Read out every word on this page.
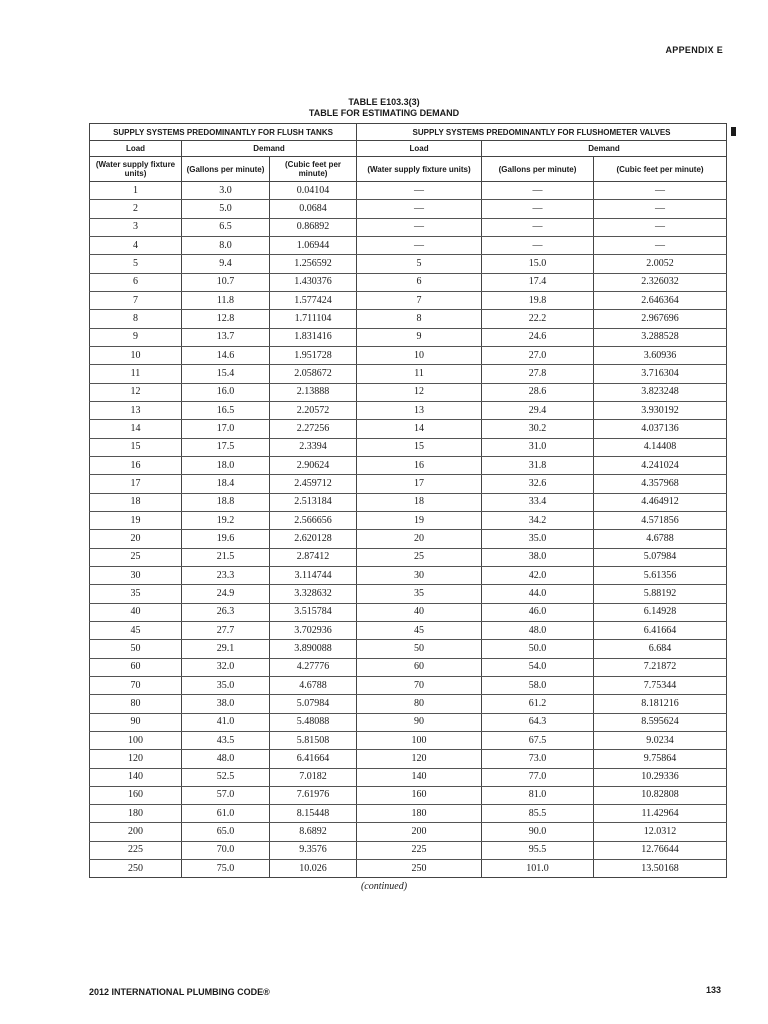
APPENDIX E
TABLE E103.3(3)
TABLE FOR ESTIMATING DEMAND
SUPPLY SYSTEMS PREDOMINANTLY FOR FLUSH TANKS			SUPPLY SYSTEMS PREDOMINANTLY FOR FLUSHOMETER VALVES		
Load	Demand		Load	Demand	
(Water supply fixture units)	(Gallons per minute)	(Cubic feet per minute)	(Water supply fixture units)	(Gallons per minute)	(Cubic feet per minute)
1	3.0	0.04104	—	—	—
2	5.0	0.0684	—	—	—
3	6.5	0.86892	—	—	—
4	8.0	1.06944	—	—	—
5	9.4	1.256592	5	15.0	2.0052
6	10.7	1.430376	6	17.4	2.326032
7	11.8	1.577424	7	19.8	2.646364
8	12.8	1.711104	8	22.2	2.967696
9	13.7	1.831416	9	24.6	3.288528
10	14.6	1.951728	10	27.0	3.60936
11	15.4	2.058672	11	27.8	3.716304
12	16.0	2.13888	12	28.6	3.823248
13	16.5	2.20572	13	29.4	3.930192
14	17.0	2.27256	14	30.2	4.037136
15	17.5	2.3394	15	31.0	4.14408
16	18.0	2.90624	16	31.8	4.241024
17	18.4	2.459712	17	32.6	4.357968
18	18.8	2.513184	18	33.4	4.464912
19	19.2	2.566656	19	34.2	4.571856
20	19.6	2.620128	20	35.0	4.6788
25	21.5	2.87412	25	38.0	5.07984
30	23.3	3.114744	30	42.0	5.61356
35	24.9	3.328632	35	44.0	5.88192
40	26.3	3.515784	40	46.0	6.14928
45	27.7	3.702936	45	48.0	6.41664
50	29.1	3.890088	50	50.0	6.684
60	32.0	4.27776	60	54.0	7.21872
70	35.0	4.6788	70	58.0	7.75344
80	38.0	5.07984	80	61.2	8.181216
90	41.0	5.48088	90	64.3	8.595624
100	43.5	5.81508	100	67.5	9.0234
120	48.0	6.41664	120	73.0	9.75864
140	52.5	7.0182	140	77.0	10.29336
160	57.0	7.61976	160	81.0	10.82808
180	61.0	8.15448	180	85.5	11.42964
200	65.0	8.6892	200	90.0	12.0312
225	70.0	9.3576	225	95.5	12.76644
250	75.0	10.026	250	101.0	13.50168
(continued)
2012 INTERNATIONAL PLUMBING CODE®	133
